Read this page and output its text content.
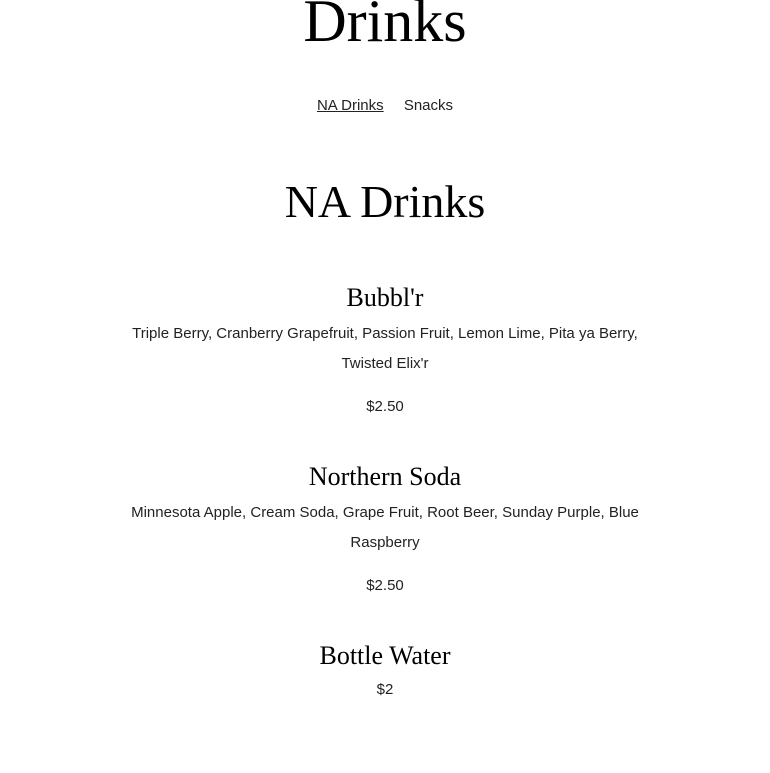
Drinks
NA Drinks Snacks
NA Drinks
Bubbl'r
Triple Berry, Cranberry Grapefruit, Passion Fruit, Lemon Lime, Pita ya Berry, Twisted Elix'r
$2.50
Northern Soda
Minnesota Apple, Cream Soda, Grape Fruit, Root Beer, Sunday Purple, Blue Raspberry
$2.50
Bottle Water
$2
